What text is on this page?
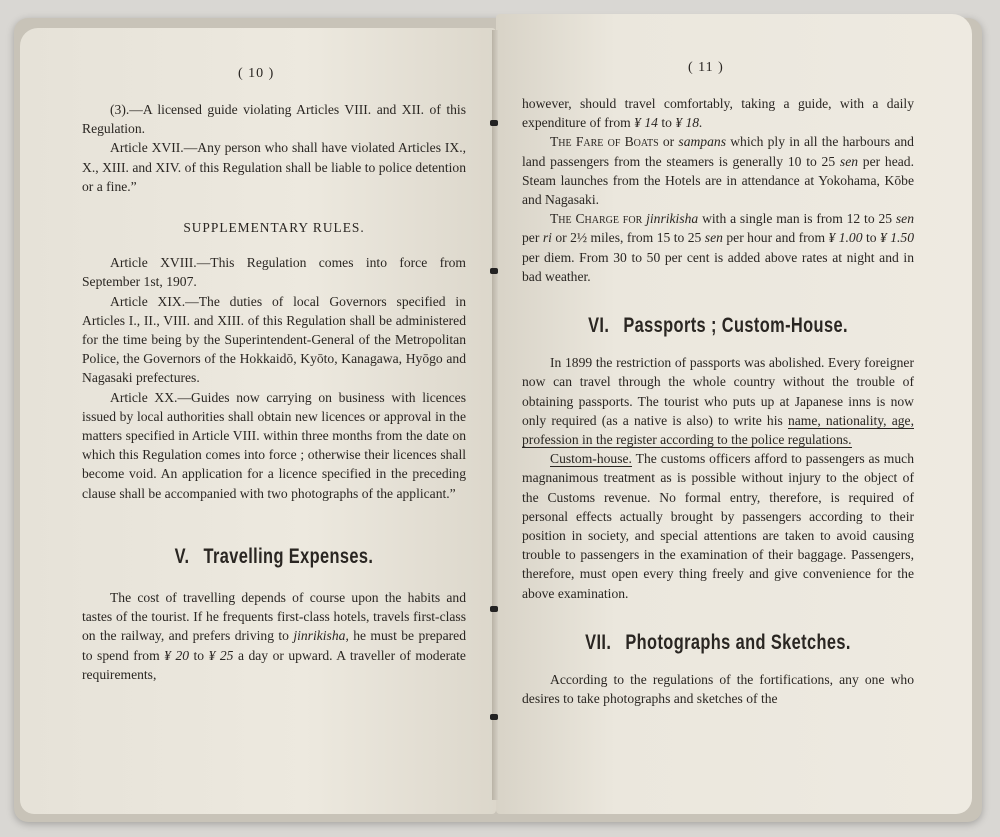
( 10 )

(3).—A licensed guide violating Articles VIII. and XII. of this Regulation.

Article XVII.—Any person who shall have violated Articles IX., X., XIII. and XIV. of this Regulation shall be liable to police detention or a fine.”

SUPPLEMENTARY RULES.

Article XVIII.—This Regulation comes into force from September 1st, 1907.

Article XIX.—The duties of local Governors specified in Articles I., II., VIII. and XIII. of this Regulation shall be administered for the time being by the Superintendent-General of the Metropolitan Police, the Governors of the Hokkaidō, Kyōto, Kanagawa, Hyōgo and Nagasaki prefectures.

Article XX.—Guides now carrying on business with licences issued by local authorities shall obtain new licences or approval in the matters specified in Article VIII. within three months from the date on which this Regulation comes into force ; otherwise their licences shall become void. An application for a licence specified in the preceding clause shall be accompanied with two photographs of the applicant.”

V. Travelling Expenses.

The cost of travelling depends of course upon the habits and tastes of the tourist. If he frequents first-class hotels, travels first-class on the railway, and prefers driving to jinrikisha, he must be prepared to spend from ¥ 20 to ¥ 25 a day or upward. A traveller of moderate requirements,

( 11 )

however, should travel comfortably, taking a guide, with a daily expenditure of from ¥ 14 to ¥ 18.

The Fare of Boats or sampans which ply in all the harbours and land passengers from the steamers is generally 10 to 25 sen per head. Steam launches from the Hotels are in attendance at Yokohama, Kōbe and Nagasaki.

The Charge for jinrikisha with a single man is from 12 to 25 sen per ri or 2½ miles, from 15 to 25 sen per hour and from ¥ 1.00 to ¥ 1.50 per diem. From 30 to 50 per cent is added above rates at night and in bad weather.

VI. Passports ; Custom-House.

In 1899 the restriction of passports was abolished. Every foreigner now can travel through the whole country without the trouble of obtaining passports. The tourist who puts up at Japanese inns is now only required (as a native is also) to write his name, nationality, age, profession in the register according to the police regulations.

Custom-house. The customs officers afford to passengers as much magnanimous treatment as is possible without injury to the object of the Customs revenue. No formal entry, therefore, is required of personal effects actually brought by passengers according to their position in society, and special attentions are taken to avoid causing trouble to passengers in the examination of their baggage. Passengers, therefore, must open every thing freely and give convenience for the above examination.

VII. Photographs and Sketches.

According to the regulations of the fortifications, any one who desires to take photographs and sketches of the
